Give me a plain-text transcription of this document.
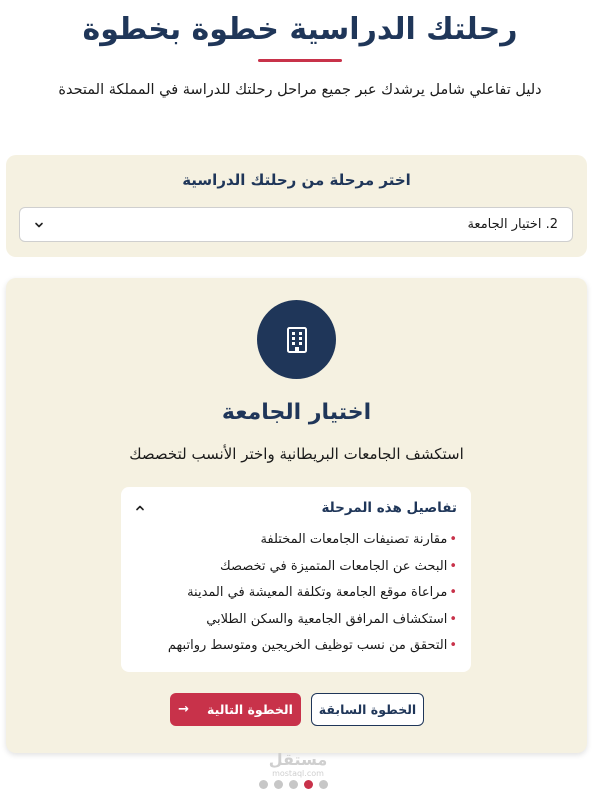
رحلتك الدراسية خطوة بخطوة
دليل تفاعلي شامل يرشدك عبر جميع مراحل رحلتك للدراسة في المملكة المتحدة
اختر مرحلة من رحلتك الدراسية
2. اختيار الجامعة
اختيار الجامعة
استكشف الجامعات البريطانية واختر الأنسب لتخصصك
تفاصيل هذه المرحلة
•مقارنة تصنيفات الجامعات المختلفة
•البحث عن الجامعات المتميزة في تخصصك
•مراعاة موقع الجامعة وتكلفة المعيشة في المدينة
•استكشاف المرافق الجامعية والسكن الطلابي
•التحقق من نسب توظيف الخريجين ومتوسط رواتبهم
الخطوة السابقة
الخطوة التالية
→
مستقل
mostaql.com
